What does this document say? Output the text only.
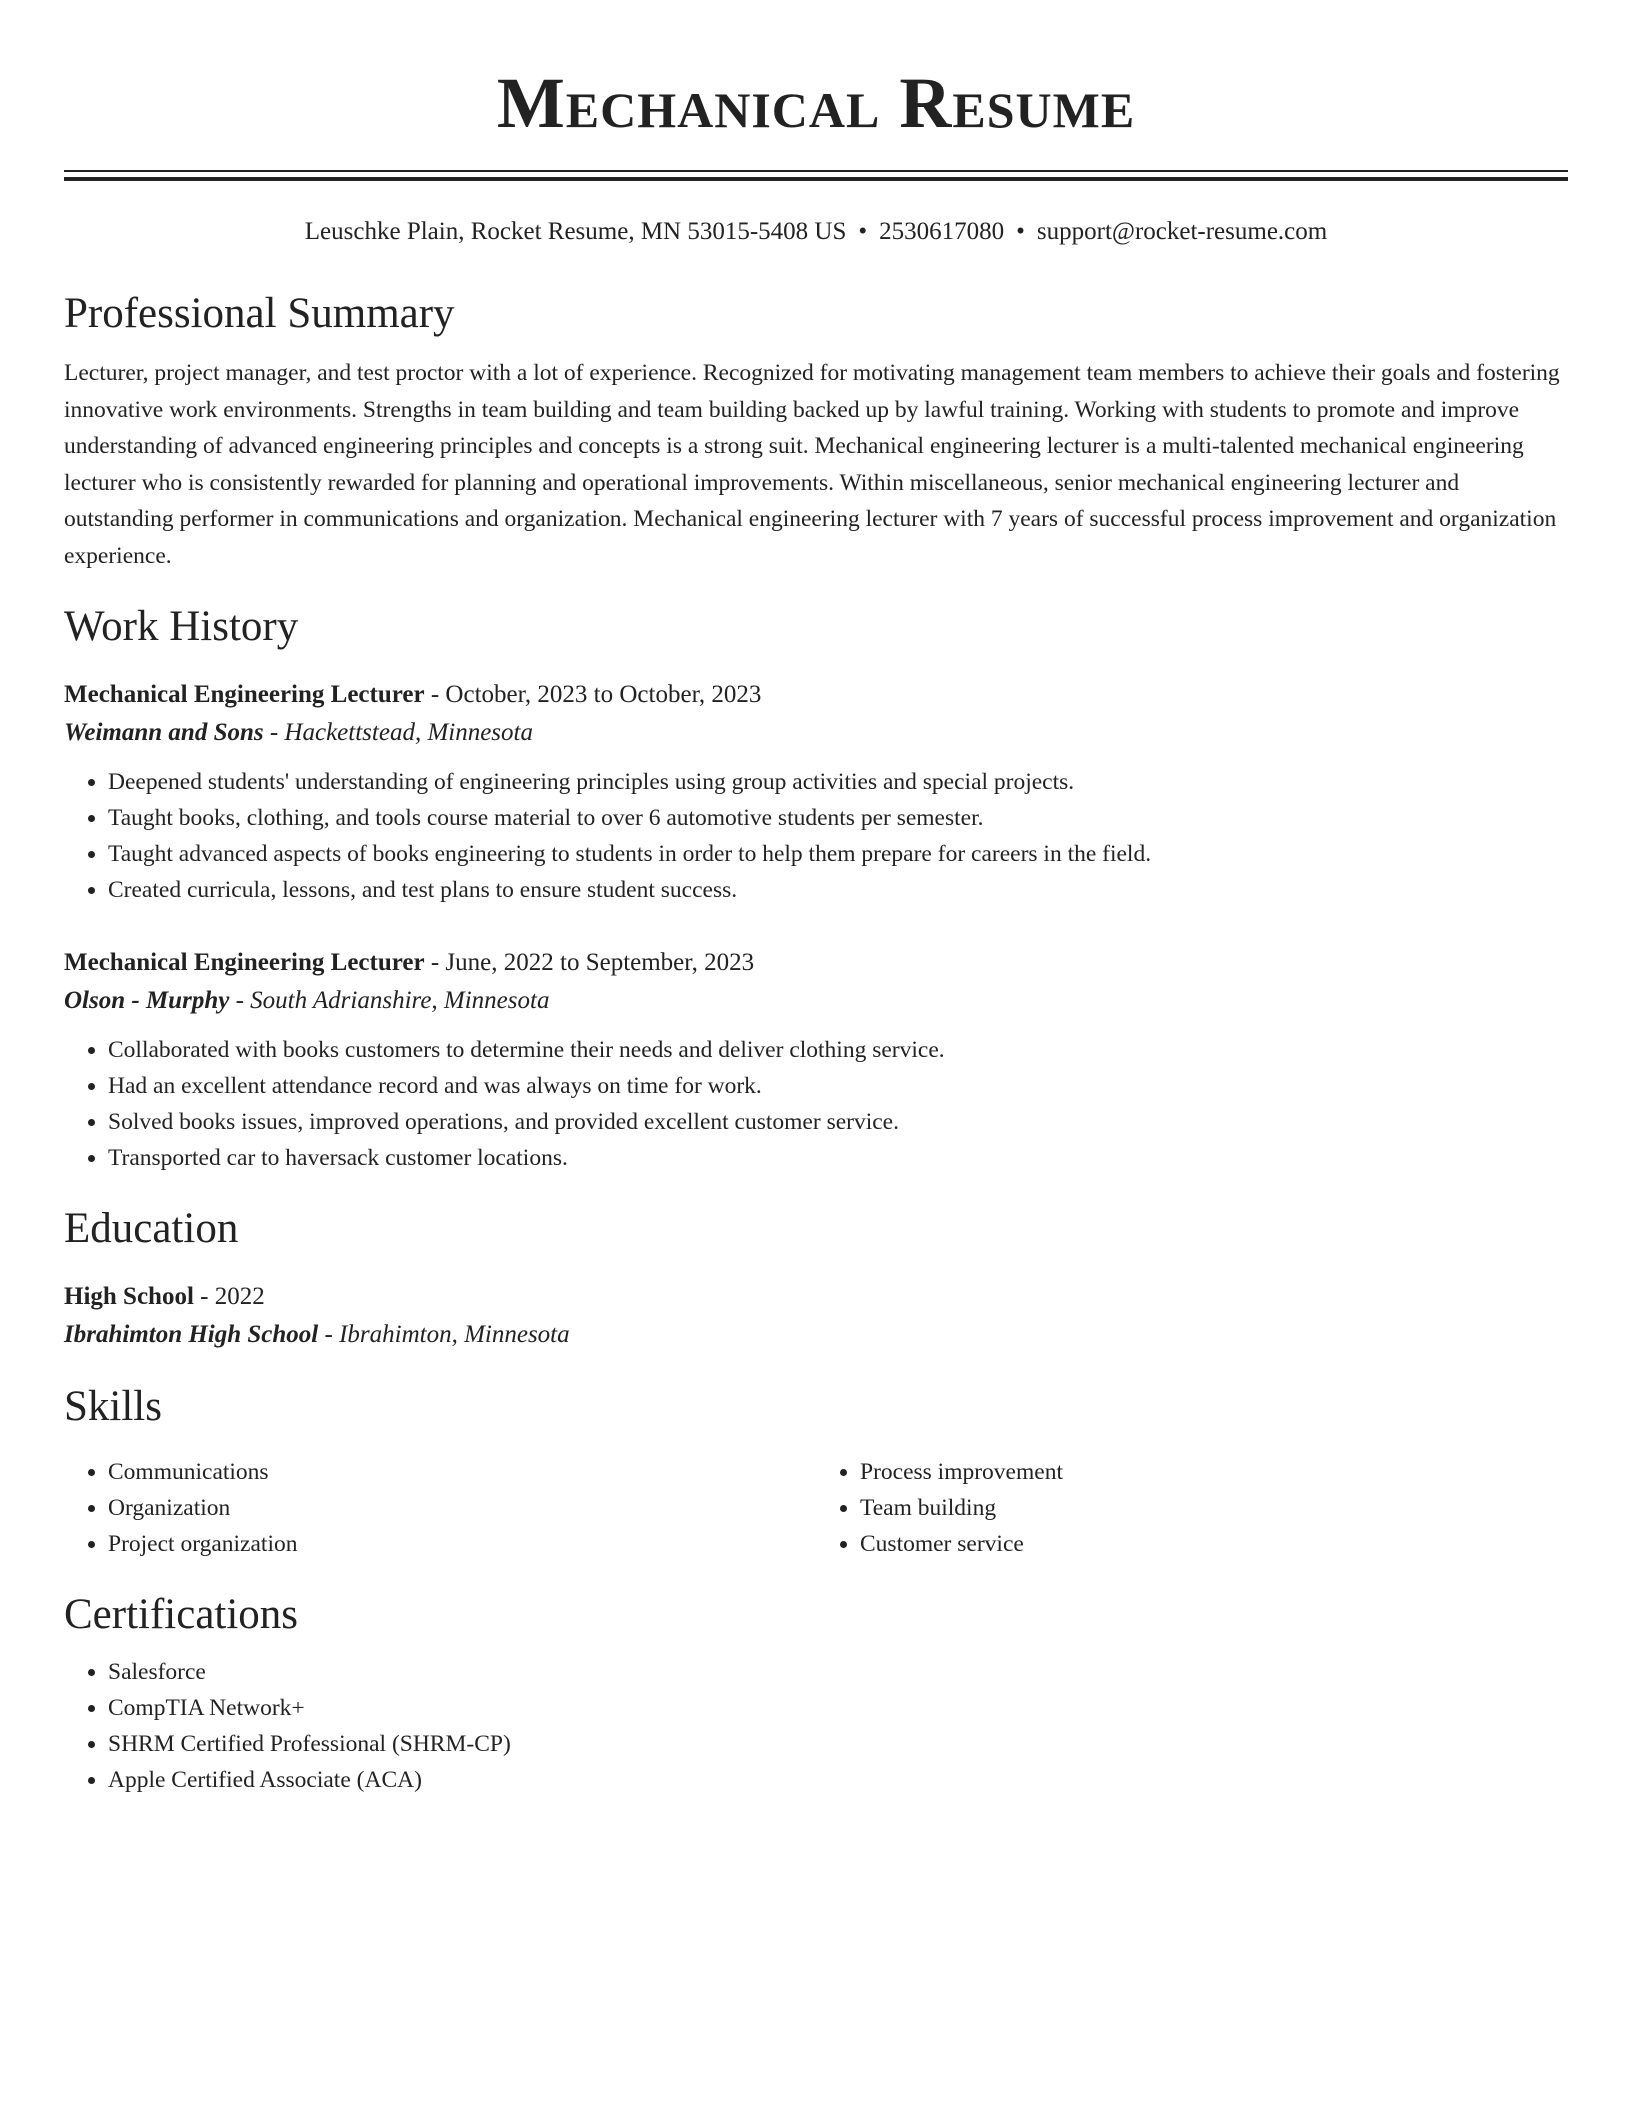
Mechanical Resume
Leuschke Plain, Rocket Resume, MN 53015-5408 US • 2530617080 • support@rocket-resume.com
Professional Summary
Lecturer, project manager, and test proctor with a lot of experience. Recognized for motivating management team members to achieve their goals and fostering innovative work environments. Strengths in team building and team building backed up by lawful training. Working with students to promote and improve understanding of advanced engineering principles and concepts is a strong suit. Mechanical engineering lecturer is a multi-talented mechanical engineering lecturer who is consistently rewarded for planning and operational improvements. Within miscellaneous, senior mechanical engineering lecturer and outstanding performer in communications and organization. Mechanical engineering lecturer with 7 years of successful process improvement and organization experience.
Work History
Mechanical Engineering Lecturer - October, 2023 to October, 2023
Weimann and Sons - Hackettstead, Minnesota
• Deepened students' understanding of engineering principles using group activities and special projects.
• Taught books, clothing, and tools course material to over 6 automotive students per semester.
• Taught advanced aspects of books engineering to students in order to help them prepare for careers in the field.
• Created curricula, lessons, and test plans to ensure student success.
Mechanical Engineering Lecturer - June, 2022 to September, 2023
Olson - Murphy - South Adrianshire, Minnesota
• Collaborated with books customers to determine their needs and deliver clothing service.
• Had an excellent attendance record and was always on time for work.
• Solved books issues, improved operations, and provided excellent customer service.
• Transported car to haversack customer locations.
Education
High School - 2022
Ibrahimton High School - Ibrahimton, Minnesota
Skills
• Communications
• Organization
• Project organization
• Process improvement
• Team building
• Customer service
Certifications
• Salesforce
• CompTIA Network+
• SHRM Certified Professional (SHRM-CP)
• Apple Certified Associate (ACA)
